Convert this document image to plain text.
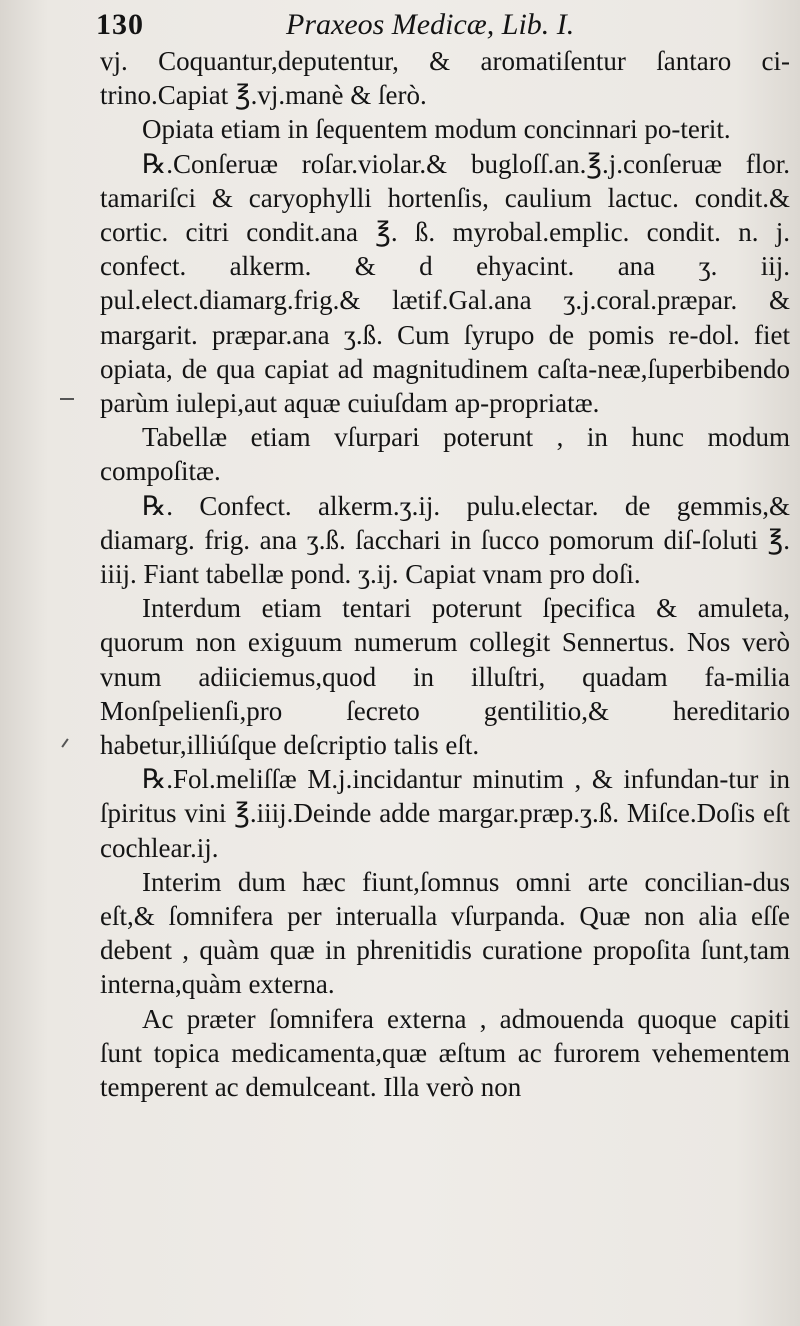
130	Praxeos Medicæ, Lib. I.

vj. Coquantur,deputentur, & aromatiſentur ſantaro ci-trino.Capiat ℥.vj.manè & ſerò.

Opiata etiam in ſequentem modum concinnari po-terit.

℞.Conſeruæ roſar.violar.& bugloſſ.an.℥.j.conſeruæ flor. tamariſci & caryophylli hortenſis, caulium lactuc. condit.& cortic. citri condit.ana ℥. ß. myrobal.emplic. condit. n. j. confect. alkerm. & d ehyacint. ana ʒ. iij. pul.elect.diamarg.frig.& lætif.Gal.ana ʒ.j.coral.præpar. & margarit. præpar.ana ʒ.ß. Cum ſyrupo de pomis re-dol. fiet opiata, de qua capiat ad magnitudinem caſta-neæ,ſuperbibendo parùm iulepi,aut aquæ cuiuſdam ap-propriatæ.

Tabellæ etiam vſurpari poterunt , in hunc modum compoſitæ.

℞. Confect. alkerm.ʒ.ij. pulu.electar. de gemmis,& diamarg. frig. ana ʒ.ß. ſacchari in ſucco pomorum diſ-ſoluti ℥. iiij. Fiant tabellæ pond. ʒ.ij. Capiat vnam pro doſi.

Interdum etiam tentari poterunt ſpecifica & amuleta, quorum non exiguum numerum collegit Sennertus. Nos verò vnum adiiciemus,quod in illuſtri, quadam fa-milia Monſpelienſi,pro ſecreto gentilitio,& hereditario habetur,illiúſque deſcriptio talis eſt.

℞.Fol.meliſſæ M.j.incidantur minutim , & infundan-tur in ſpiritus vini ℥.iiij.Deinde adde margar.præp.ʒ.ß. Miſce.Doſis eſt cochlear.ij.

Interim dum hæc fiunt,ſomnus omni arte concilian-dus eſt,& ſomnifera per interualla vſurpanda. Quæ non alia eſſe debent , quàm quæ in phrenitidis curatione propoſita ſunt,tam interna,quàm externa.

Ac præter ſomnifera externa , admouenda quoque capiti ſunt topica medicamenta,quæ æſtum ac furorem vehementem temperent ac demulceant. Illa verò non
